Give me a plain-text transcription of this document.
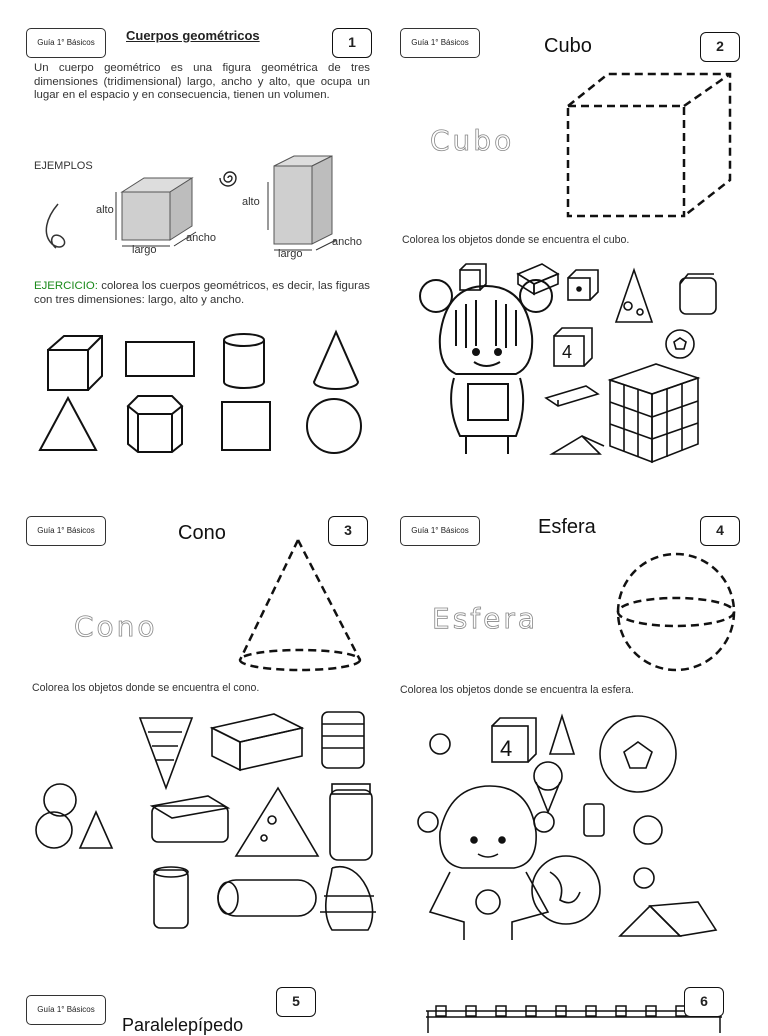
Guía 1° Básicos	Cuerpos geométricos	1
Un cuerpo geométrico es una figura geométrica de tres dimensiones (tridimensional) largo, ancho y alto, que ocupa un lugar en el espacio y en consecuencia, tienen un volumen.
EJEMPLOS
alto
largo
ancho
alto
largo
ancho
EJERCICIO: colorea los cuerpos geométricos, es decir, las figuras con tres dimensiones: largo, alto y ancho.
Guía 1° Básicos	Cubo	2
Cubo
Colorea los objetos donde se encuentra el cubo.
4
Guía 1° Básicos	Cono	3
Cono
Colorea los objetos donde se encuentra el cono.
Guía 1° Básicos	Esfera	4
Esfera
Colorea los objetos donde se encuentra la esfera.
4
Guía 1° Básicos
Paralelepípedo
5	6
